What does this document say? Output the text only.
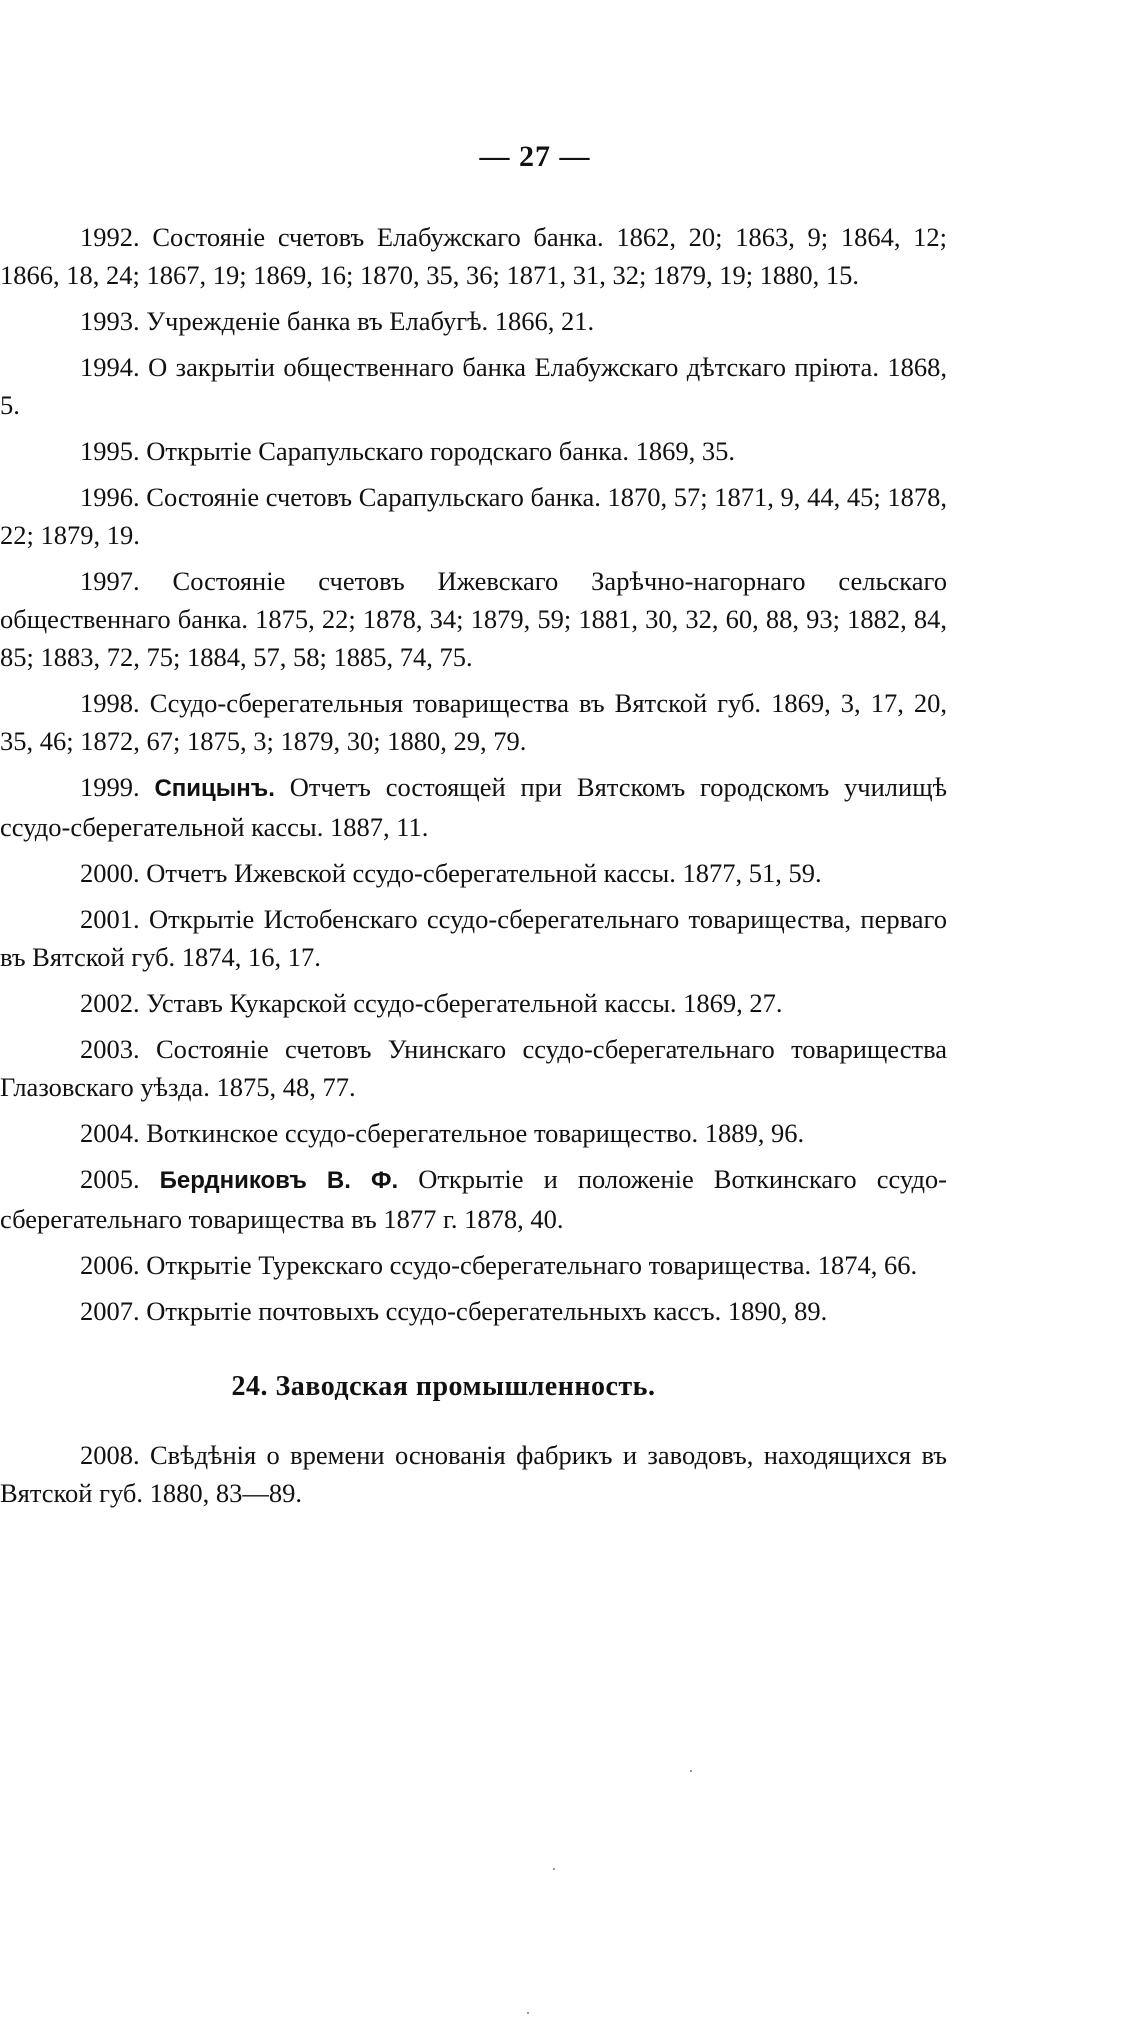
— 27 —

1992. Состояніе счетовъ Елабужскаго банка. 1862, 20; 1863, 9; 1864, 12; 1866, 18, 24; 1867, 19; 1869, 16; 1870, 35, 36; 1871, 31, 32; 1879, 19; 1880, 15.

1993. Учрежденіе банка въ Елабугѣ. 1866, 21.

1994. О закрытіи общественнаго банка Елабужскаго дѣтскаго пріюта. 1868, 5.

1995. Открытіе Сарапульскаго городскаго банка. 1869, 35.

1996. Состояніе счетовъ Сарапульскаго банка. 1870, 57; 1871, 9, 44, 45; 1878, 22; 1879, 19.

1997. Состояніе счетовъ Ижевскаго Зарѣчно-нагорнаго сельскаго общественнаго банка. 1875, 22; 1878, 34; 1879, 59; 1881, 30, 32, 60, 88, 93; 1882, 84, 85; 1883, 72, 75; 1884, 57, 58; 1885, 74, 75.

1998. Ссудо-сберегательныя товарищества въ Вятской губ. 1869, 3, 17, 20, 35, 46; 1872, 67; 1875, 3; 1879, 30; 1880, 29, 79.

1999. Спицынъ. Отчетъ состоящей при Вятскомъ городскомъ училищѣ ссудо-сберегательной кассы. 1887, 11.

2000. Отчетъ Ижевской ссудо-сберегательной кассы. 1877, 51, 59.

2001. Открытіе Истобенскаго ссудо-сберегательнаго товарищества, перваго въ Вятской губ. 1874, 16, 17.

2002. Уставъ Кукарской ссудо-сберегательной кассы. 1869, 27.

2003. Состояніе счетовъ Унинскаго ссудо-сберегательнаго товарищества Глазовскаго уѣзда. 1875, 48, 77.

2004. Воткинское ссудо-сберегательное товарищество. 1889, 96.

2005. Бердниковъ В. Ф. Открытіе и положеніе Воткинскаго ссудо-сберегательнаго товарищества въ 1877 г. 1878, 40.

2006. Открытіе Турекскаго ссудо-сберегательнаго товарищества. 1874, 66.

2007. Открытіе почтовыхъ ссудо-сберегательныхъ кассъ. 1890, 89.

24. Заводская промышленность.

2008. Свѣдѣнія о времени основанія фабрикъ и заводовъ, находящихся въ Вятской губ. 1880, 83—89.
